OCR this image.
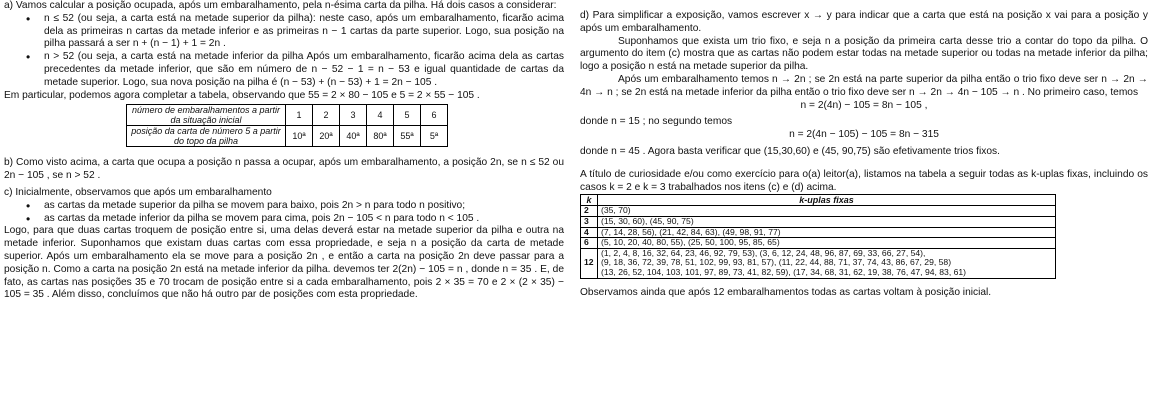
a) Vamos calcular a posição ocupada, após um embaralhamento, pela n-ésima carta da pilha. Há dois casos a considerar:

• n ≤ 52 (ou seja, a carta está na metade superior da pilha): neste caso, após um embaralhamento, ficarão acima dela as primeiras n cartas da metade inferior e as primeiras n − 1 cartas da parte superior. Logo, sua posição na pilha passará a ser n + (n − 1) + 1 = 2n .
• n > 52 (ou seja, a carta está na metade inferior da pilha Após um embaralhamento, ficarão acima dela as cartas precedentes da metade inferior, que são em número de n − 52 − 1 = n − 53 e igual quantidade de cartas da metade superior. Logo, sua nova posição na pilha é (n − 53) + (n − 53) + 1 = 2n − 105 .

Em particular, podemos agora completar a tabela, observando que 55 = 2 × 80 − 105 e 5 = 2 × 55 − 105 .

número de embaralhamentos a partir da situação inicial	1	2	3	4	5	6
posição da carta de número 5 a partir do topo da pilha	10ª	20ª	40ª	80ª	55ª	5ª

b) Como visto acima, a carta que ocupa a posição n passa a ocupar, após um embaralhamento, a posição 2n, se n ≤ 52 ou 2n − 105 , se n > 52 .

c) Inicialmente, observamos que após um embaralhamento

• as cartas da metade superior da pilha se movem para baixo, pois 2n > n para todo n positivo;
• as cartas da metade inferior da pilha se movem para cima, pois 2n − 105 < n para todo n < 105 .

Logo, para que duas cartas troquem de posição entre si, uma delas deverá estar na metade superior da pilha e outra na metade inferior. Suponhamos que existam duas cartas com essa propriedade, e seja n a posição da carta de metade superior. Após um embaralhamento ela se move para a posição 2n , e então a carta na posição 2n deve passar para a posição n. Como a carta na posição 2n está na metade inferior da pilha. devemos ter 2(2n) − 105 = n , donde n = 35 . E, de fato, as cartas nas posições 35 e 70 trocam de posição entre si a cada embaralhamento, pois 2 × 35 = 70 e 2 × (2 × 35) − 105 = 35 . Além disso, concluímos que não há outro par de posições com esta propriedade.

d) Para simplificar a exposição, vamos escrever x → y para indicar que a carta que está na posição x vai para a posição y após um embaralhamento.

Suponhamos que exista um trio fixo, e seja n a posição da primeira carta desse trio a contar do topo da pilha. O argumento do item (c) mostra que as cartas não podem estar todas na metade superior ou todas na metade inferior da pilha; logo a posição n está na metade superior da pilha.

Após um embaralhamento temos n → 2n ; se 2n está na parte superior da pilha então o trio fixo deve ser n → 2n → 4n → n ; se 2n está na metade inferior da pilha então o trio fixo deve ser n → 2n → 4n − 105 → n . No primeiro caso, temos

n = 2(4n) − 105 = 8n − 105 ,

donde n = 15 ; no segundo temos

n = 2(4n − 105) − 105 = 8n − 315

donde n = 45 . Agora basta verificar que (15,30,60) e (45, 90,75) são efetivamente trios fixos.

A título de curiosidade e/ou como exercício para o(a) leitor(a), listamos na tabela a seguir todas as k-uplas fixas, incluindo os casos k = 2 e k = 3 trabalhados nos itens (c) e (d) acima.

k	k-uplas fixas
2	(35, 70)
3	(15, 30, 60), (45, 90, 75)
4	(7, 14, 28, 56), (21, 42, 84, 63), (49, 98, 91, 77)
6	(5, 10, 20, 40, 80, 55), (25, 50, 100, 95, 85, 65)
12	(1, 2, 4, 8, 16, 32, 64, 23, 46, 92, 79, 53), (3, 6, 12, 24, 48, 96, 87, 69, 33, 66, 27, 54),
(9, 18, 36, 72, 39, 78, 51, 102, 99, 93, 81, 57), (11, 22, 44, 88, 71, 37, 74, 43, 86, 67, 29, 58)
(13, 26, 52, 104, 103, 101, 97, 89, 73, 41, 82, 59), (17, 34, 68, 31, 62, 19, 38, 76, 47, 94, 83, 61)

Observamos ainda que após 12 embaralhamentos todas as cartas voltam à posição inicial.
